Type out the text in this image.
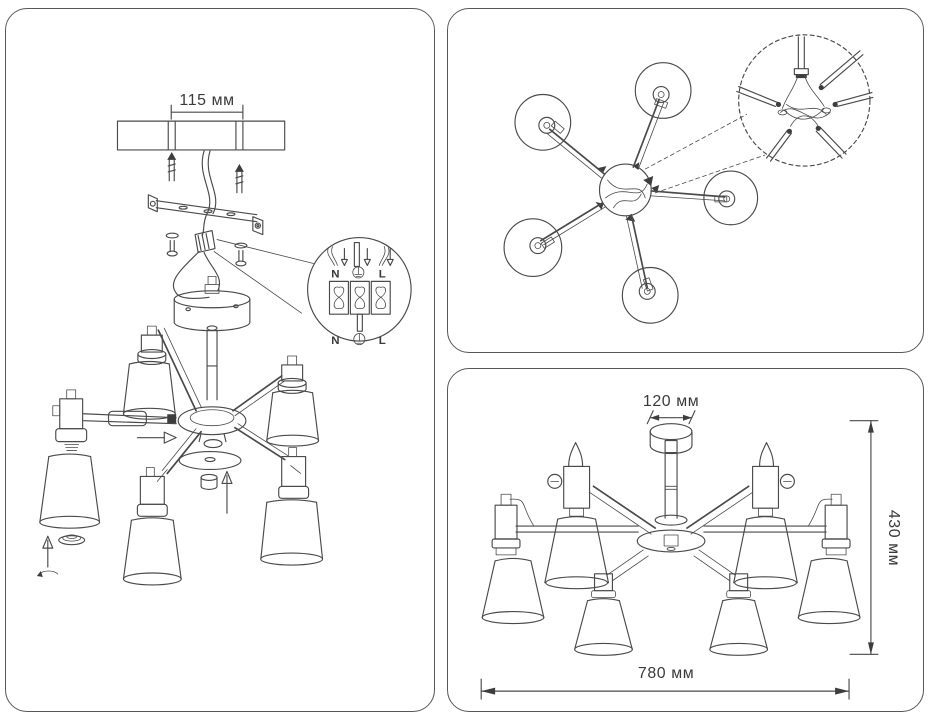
115 мм
N	L
N	L
120 мм
430 мм
780 мм
